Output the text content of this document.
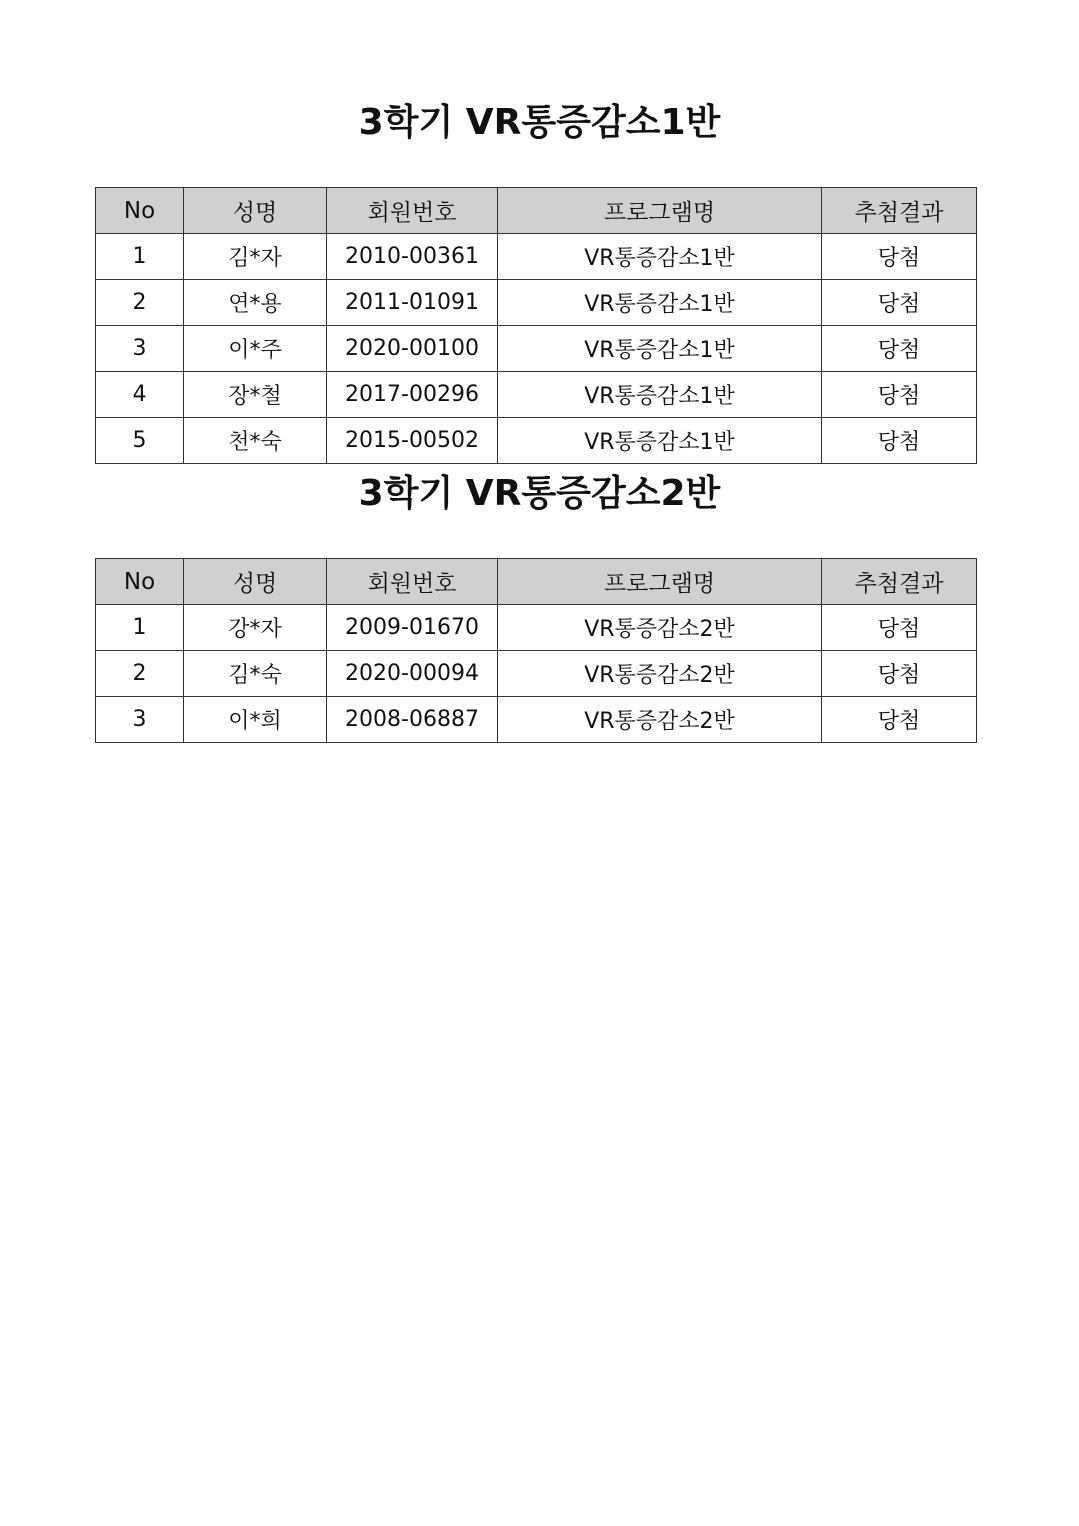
3학기 VR통증감소1반
No	성명	회원번호	프로그램명	추첨결과
1	김*자	2010-00361	VR통증감소1반	당첨
2	연*용	2011-01091	VR통증감소1반	당첨
3	이*주	2020-00100	VR통증감소1반	당첨
4	장*철	2017-00296	VR통증감소1반	당첨
5	천*숙	2015-00502	VR통증감소1반	당첨
3학기 VR통증감소2반
No	성명	회원번호	프로그램명	추첨결과
1	강*자	2009-01670	VR통증감소2반	당첨
2	김*숙	2020-00094	VR통증감소2반	당첨
3	이*희	2008-06887	VR통증감소2반	당첨
